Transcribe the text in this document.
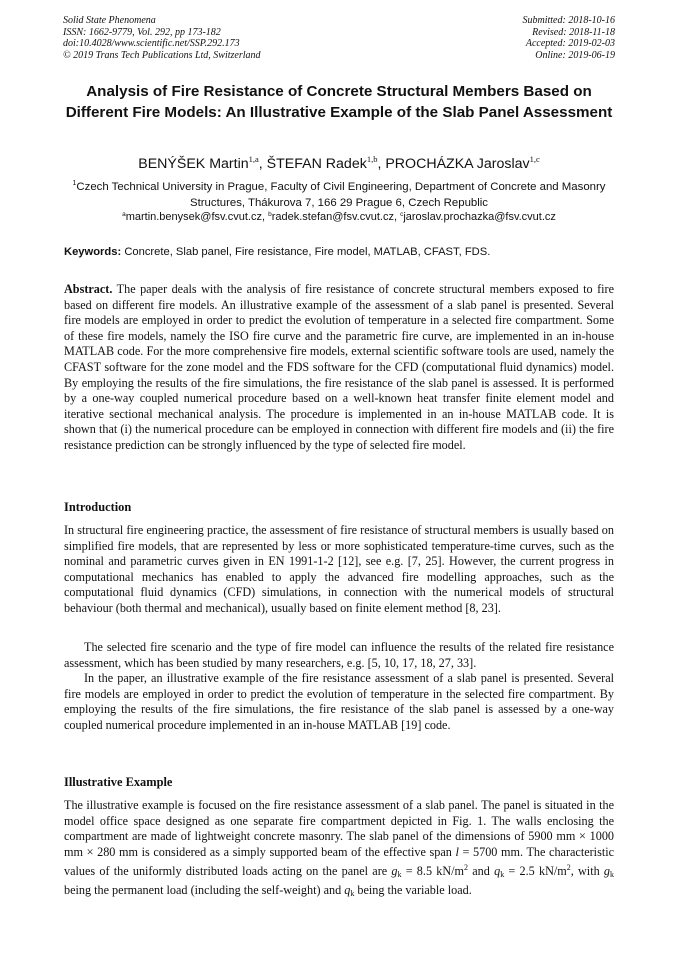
Solid State Phenomena
ISSN: 1662-9779, Vol. 292, pp 173-182
doi:10.4028/www.scientific.net/SSP.292.173
© 2019 Trans Tech Publications Ltd, Switzerland
Submitted: 2018-10-16
Revised: 2018-11-18
Accepted: 2019-02-03
Online: 2019-06-19
Analysis of Fire Resistance of Concrete Structural Members Based on Different Fire Models: An Illustrative Example of the Slab Panel Assessment
BENÝŠEK Martin$^{1,a}$, ŠTEFAN Radek$^{1,b}$, PROCHÁZKA Jaroslav$^{1,c}$
$^1$Czech Technical University in Prague, Faculty of Civil Engineering, Department of Concrete and Masonry Structures, Thákurova 7, 166 29 Prague 6, Czech Republic
$^a$martin.benysek@fsv.cvut.cz, $^b$radek.stefan@fsv.cvut.cz, $^c$jaroslav.prochazka@fsv.cvut.cz
Keywords: Concrete, Slab panel, Fire resistance, Fire model, MATLAB, CFAST, FDS.
Abstract. The paper deals with the analysis of fire resistance of concrete structural members exposed to fire based on different fire models. An illustrative example of the assessment of a slab panel is presented. Several fire models are employed in order to predict the evolution of temperature in a selected fire compartment. Some of these fire models, namely the ISO fire curve and the parametric fire curve, are implemented in an in-house MATLAB code. For the more comprehensive fire models, external scientific software tools are used, namely the CFAST software for the zone model and the FDS software for the CFD (computational fluid dynamics) model. By employing the results of the fire simulations, the fire resistance of the slab panel is assessed. It is performed by a one-way coupled numerical procedure based on a well-known heat transfer finite element model and iterative sectional mechanical analysis. The procedure is implemented in an in-house MATLAB code. It is shown that (i) the numerical procedure can be employed in connection with different fire models and (ii) the fire resistance prediction can be strongly influenced by the type of selected fire model.
Introduction
In structural fire engineering practice, the assessment of fire resistance of structural members is usually based on simplified fire models, that are represented by less or more sophisticated temperature-time curves, such as the nominal and parametric curves given in EN 1991-1-2 [12], see e.g. [7, 25]. However, the current progress in computational mechanics has enabled to apply the advanced fire modelling approaches, such as the computational fluid dynamics (CFD) simulations, in connection with the numerical models of structural behaviour (both thermal and mechanical), usually based on finite element method [8, 23].
The selected fire scenario and the type of fire model can influence the results of the related fire resistance assessment, which has been studied by many researchers, e.g. [5, 10, 17, 18, 27, 33].
In the paper, an illustrative example of the fire resistance assessment of a slab panel is presented. Several fire models are employed in order to predict the evolution of temperature in the selected fire compartment. By employing the results of the fire simulations, the fire resistance of the slab panel is assessed by a one-way coupled numerical procedure implemented in an in-house MATLAB [19] code.
Illustrative Example
The illustrative example is focused on the fire resistance assessment of a slab panel. The panel is situated in the model office space designed as one separate fire compartment depicted in Fig. 1. The walls enclosing the compartment are made of lightweight concrete masonry. The slab panel of the dimensions of 5900 mm × 1000 mm × 280 mm is considered as a simply supported beam of the effective span l = 5700 mm. The characteristic values of the uniformly distributed loads acting on the panel are $g_k = 8.5$ $kN/m^2$ and $q_k = 2.5$ $kN/m^2$, with $g_k$ being the permanent load (including the self-weight) and $q_k$ being the variable load.
